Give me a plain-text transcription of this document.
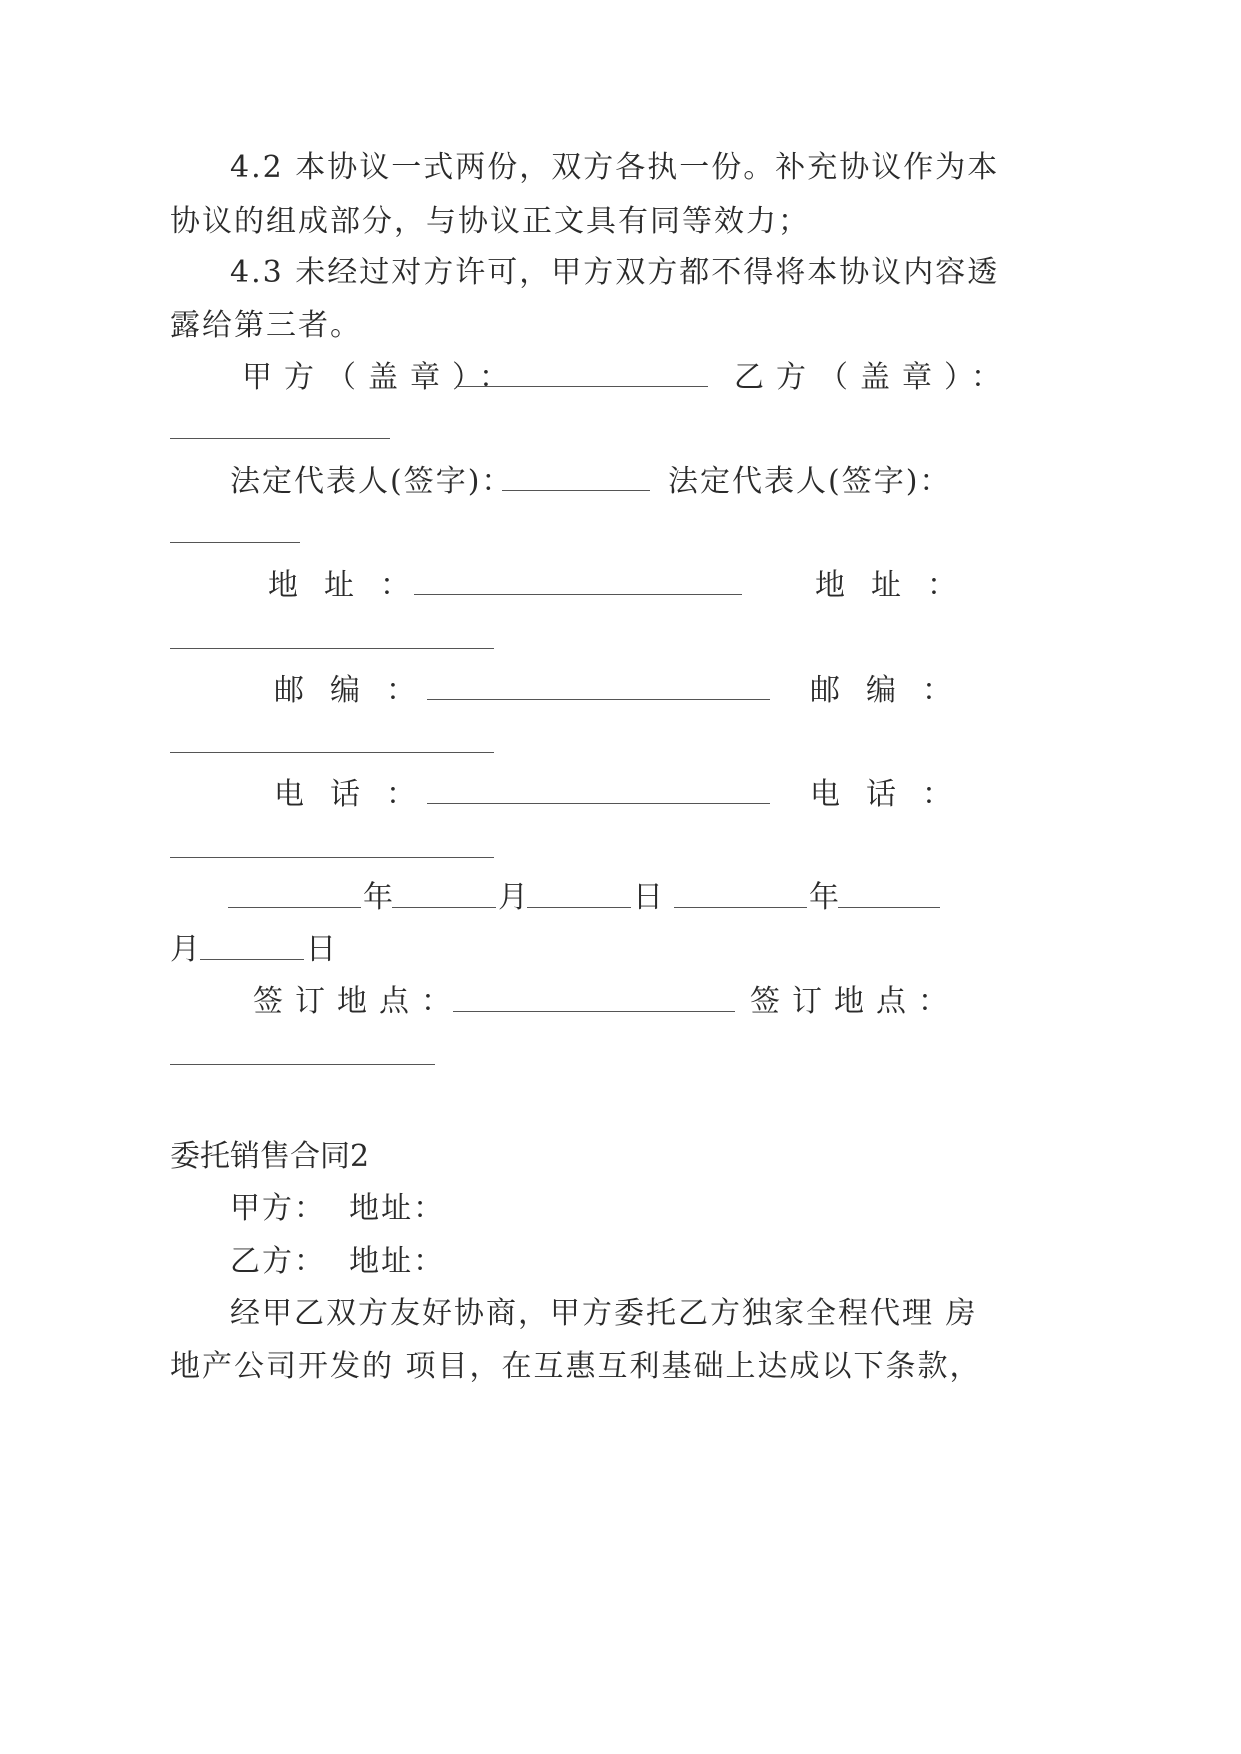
4.2 本协议一式两份，双方各执一份。补充协议作为本
协议的组成部分，与协议正文具有同等效力；
4.3 未经过对方许可，甲方双方都不得将本协议内容透
露给第三者。
甲方（盖章）：	乙方（盖章）：
法定代表人(签字)：	法定代表人(签字)：
地址：	地址：
邮编：	邮编：
电话：	电话：
年	月	日	年
月	日
签订地点：	签订地点：
委托销售合同2
甲方：  地址：
乙方：  地址：
经甲乙双方友好协商，甲方委托乙方独家全程代理 房
地产公司开发的 项目，在互惠互利基础上达成以下条款，
